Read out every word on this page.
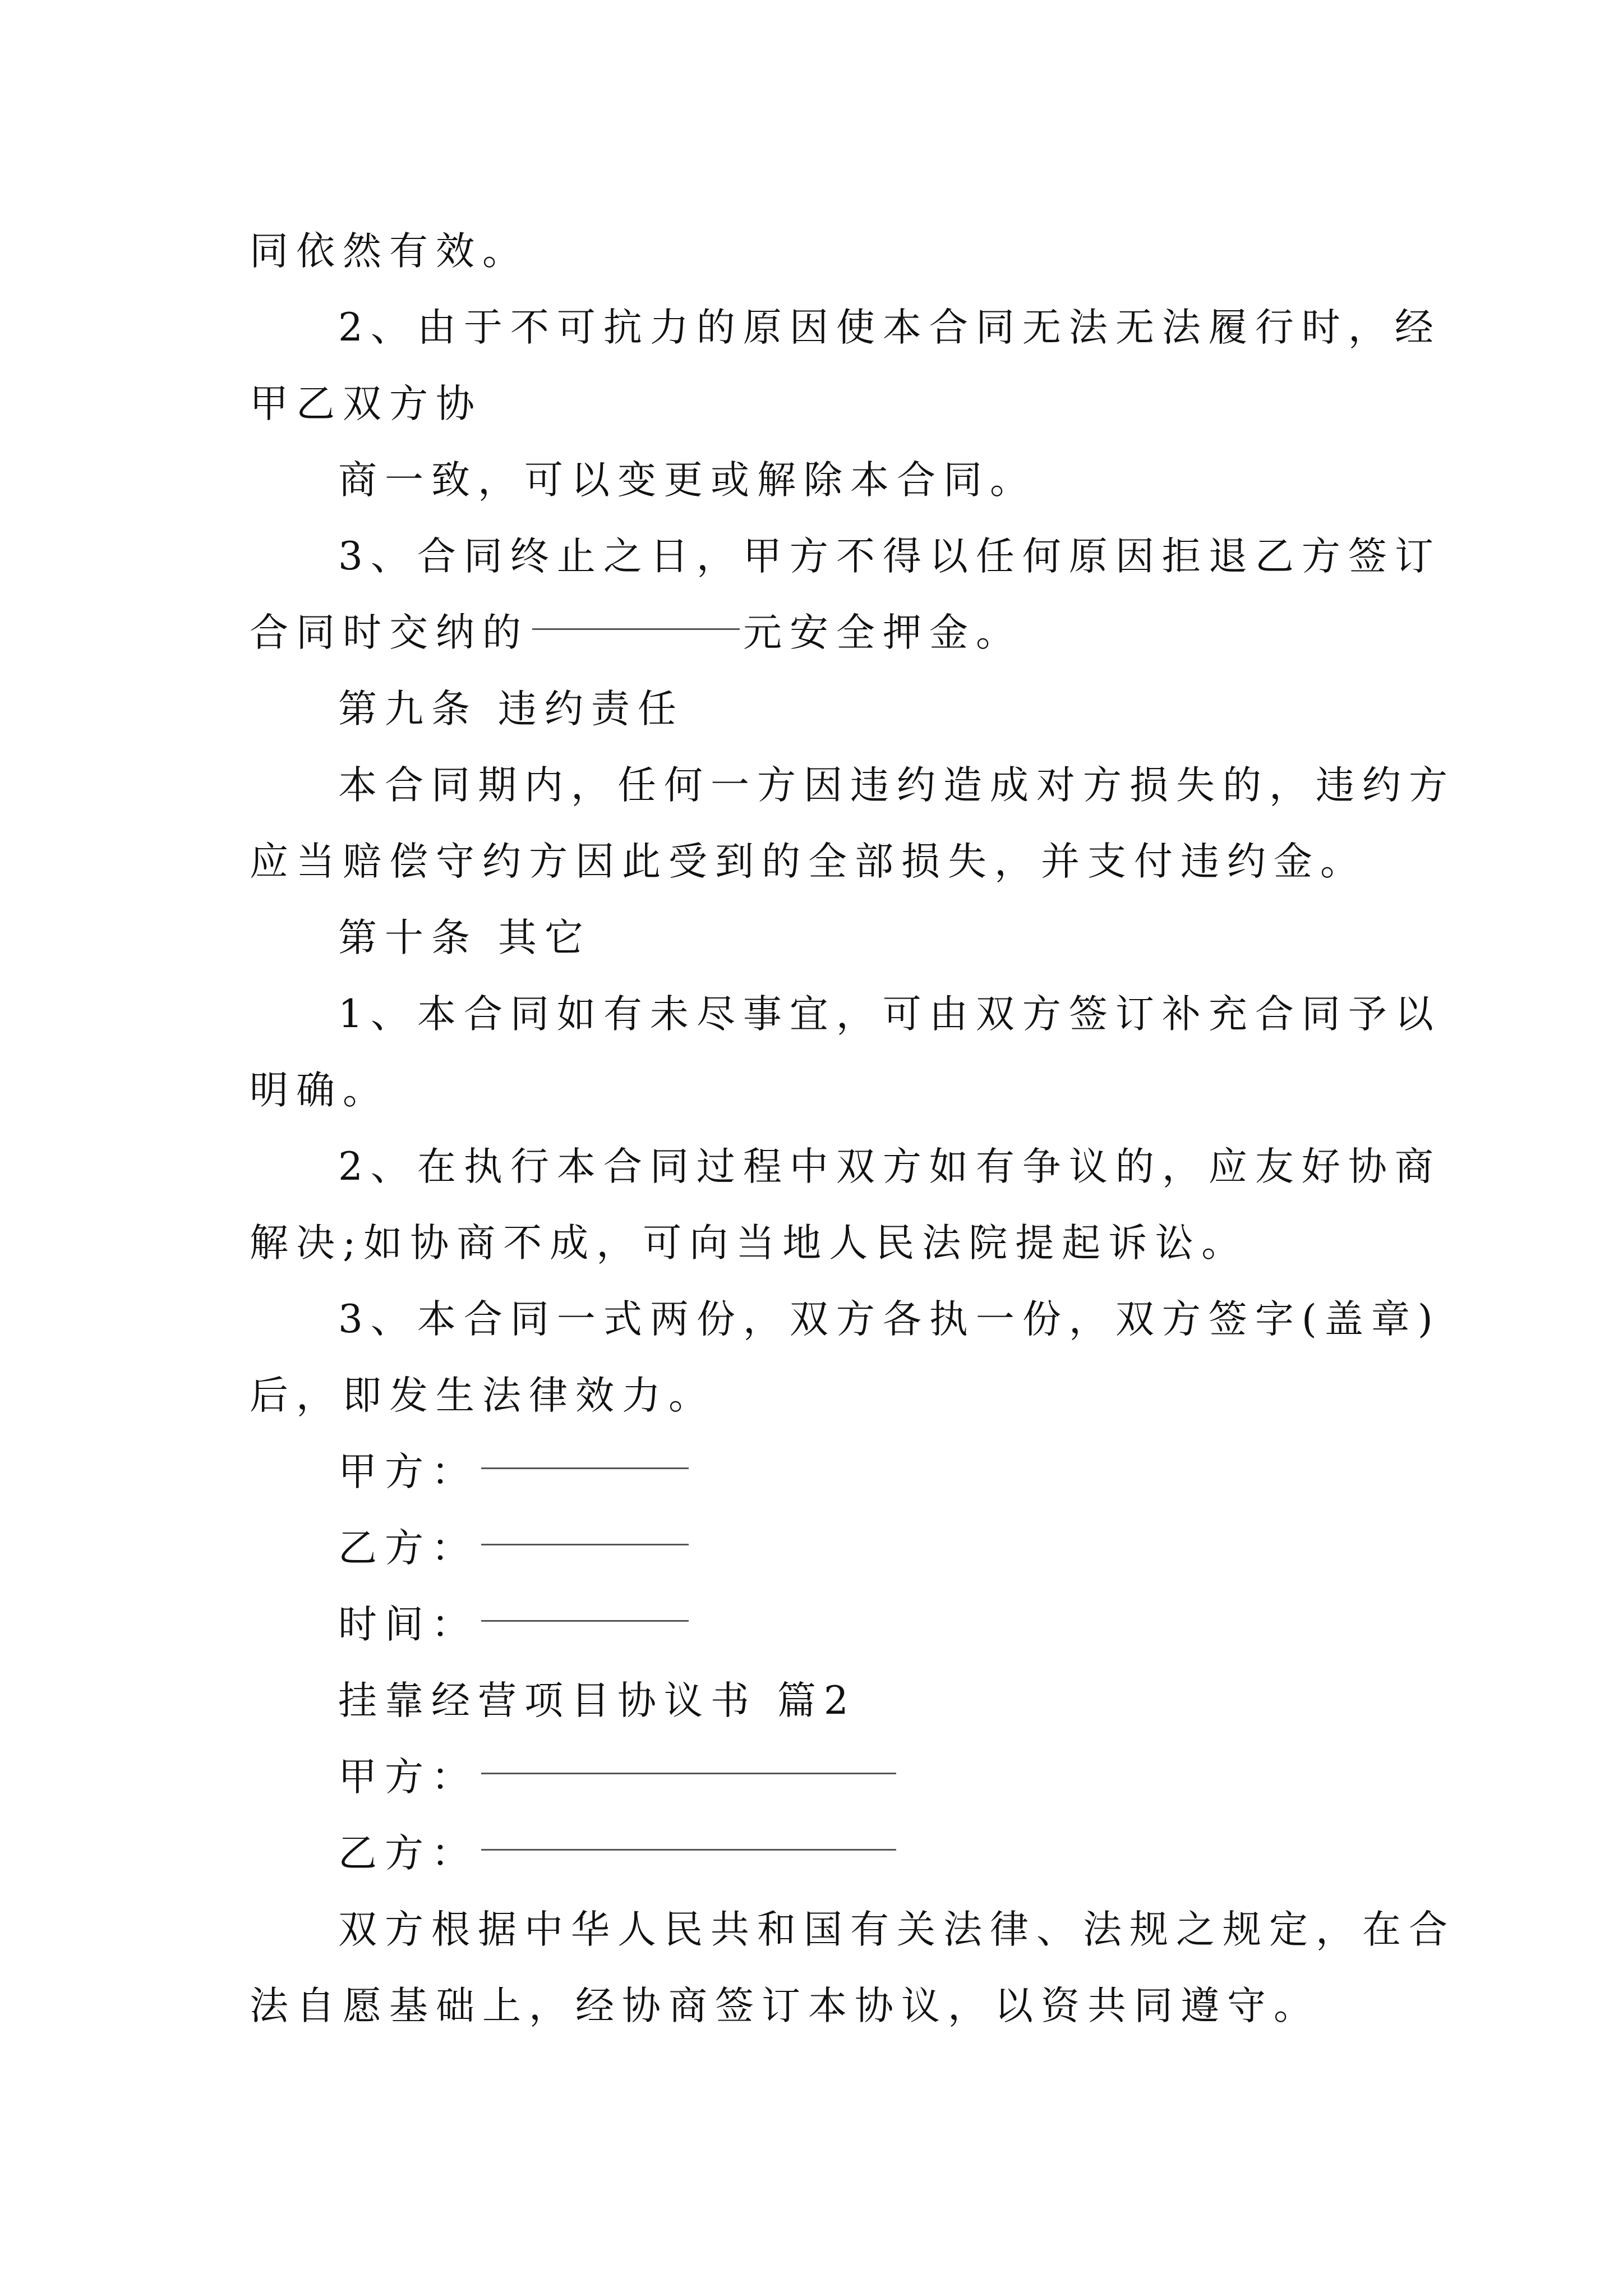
同依然有效。
2、由于不可抗力的原因使本合同无法无法履行时，经
甲乙双方协
商一致，可以变更或解除本合同。
3、合同终止之日，甲方不得以任何原因拒退乙方签订
合同时交纳的	元安全押金。
第九条 违约责任
本合同期内，任何一方因违约造成对方损失的，违约方
应当赔偿守约方因此受到的全部损失，并支付违约金。
第十条 其它
1、本合同如有未尽事宜，可由双方签订补充合同予以
明确。
2、在执行本合同过程中双方如有争议的，应友好协商
解决;如协商不成，可向当地人民法院提起诉讼。
3、本合同一式两份，双方各执一份，双方签字(盖章)
后，即发生法律效力。
甲方：
乙方：
时间：
挂靠经营项目协议书 篇2
甲方：
乙方：
双方根据中华人民共和国有关法律、法规之规定，在合
法自愿基础上，经协商签订本协议，以资共同遵守。
